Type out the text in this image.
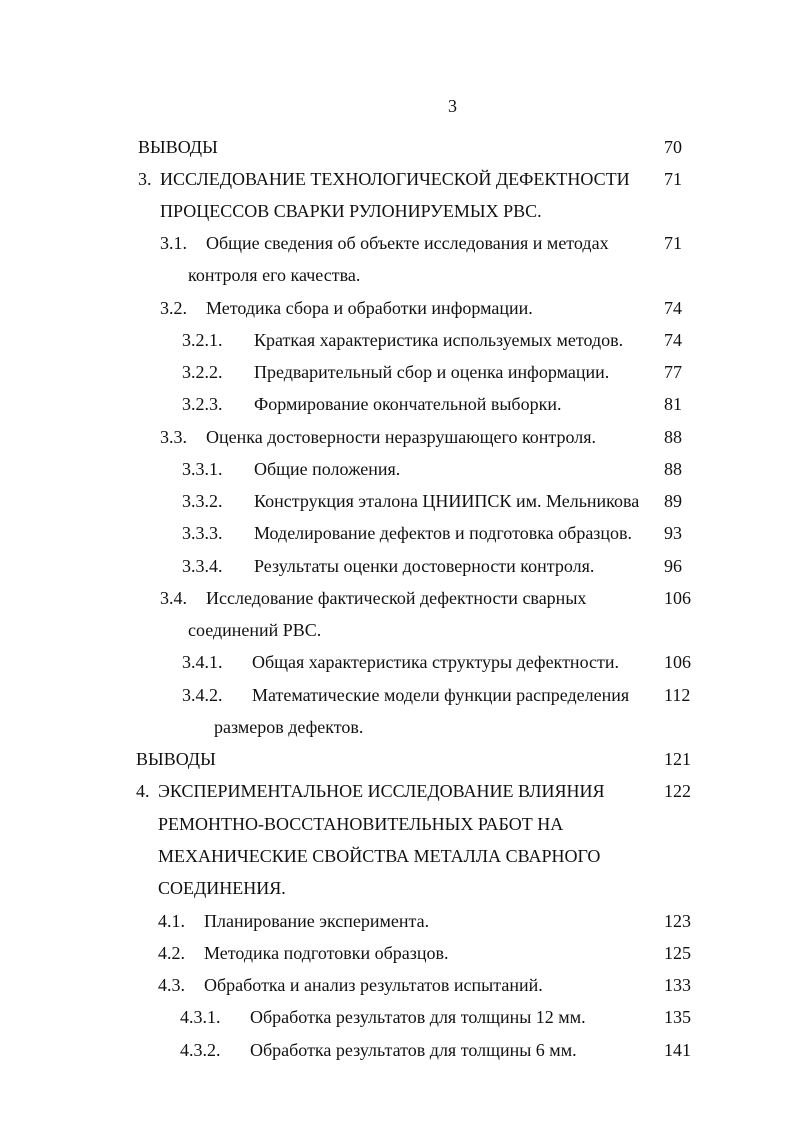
3
ВЫВОДЫ	70
3. ИССЛЕДОВАНИЕ ТЕХНОЛОГИЧЕСКОЙ ДЕФЕКТНОСТИ 71
ПРОЦЕССОВ СВАРКИ РУЛОНИРУЕМЫХ РВС.
3.1. Общие сведения об объекте исследования и методах	71
контроля его качества.
3.2. Методика сбора и обработки информации.	74
3.2.1. Краткая характеристика используемых методов. 74
3.2.2. Предварительный сбор и оценка информации.	77
3.2.3. Формирование окончательной выборки.	81
3.3. Оценка достоверности неразрушающего контроля.	88
3.3.1. Общие положения.	88
3.3.2. Конструкция эталона ЦНИИПСК им. Мельникова 89
3.3.3. Моделирование дефектов и подготовка образцов. 93
3.3.4. Результаты оценки достоверности контроля.	96
3.4. Исследование фактической дефектности сварных	106
соединений РВС.
3.4.1. Общая характеристика структуры дефектности. 106
3.4.2. Математические модели функции распределения 112
размеров дефектов.
ВЫВОДЫ	121
4. ЭКСПЕРИМЕНТАЛЬНОЕ ИССЛЕДОВАНИЕ ВЛИЯНИЯ	122
РЕМОНТНО-ВОССТАНОВИТЕЛЬНЫХ РАБОТ НА
МЕХАНИЧЕСКИЕ СВОЙСТВА МЕТАЛЛА СВАРНОГО
СОЕДИНЕНИЯ.
4.1. Планирование эксперимента.	123
4.2. Методика подготовки образцов.	125
4.3. Обработка и анализ результатов испытаний.	133
4.3.1. Обработка результатов для толщины 12 мм.	135
4.3.2. Обработка результатов для толщины 6 мм.	141
